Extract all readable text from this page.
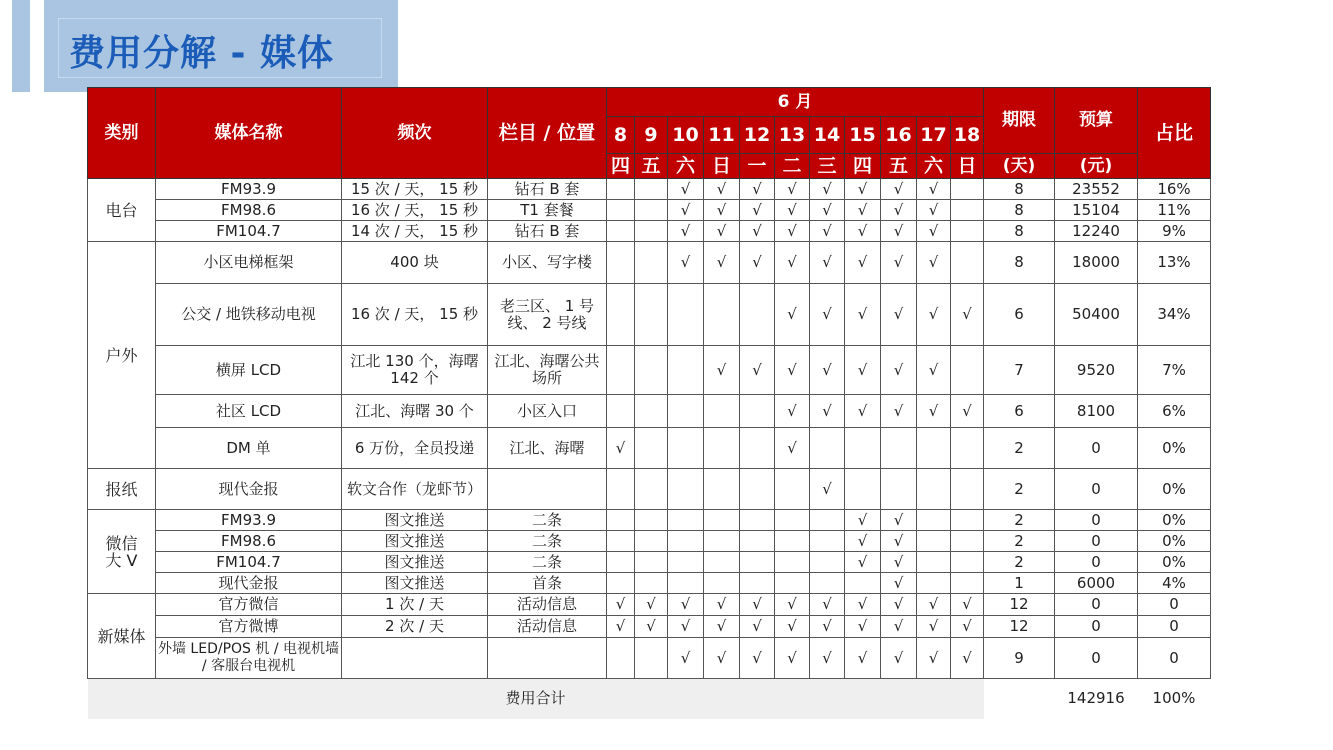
费用分解 - 媒体
类别	媒体名称	频次	栏目 / 位置	6 月											期限	预算	占比
				8	9	10	11	12	13	14	15	16	17	18			
				四	五	六	日	一	二	三	四	五	六	日	(天)	(元)	
电台	FM93.9	15 次 / 天， 15 秒	钻石 B 套			√	√	√	√	√	√	√	√		8	23552	16%
	FM98.6	16 次 / 天， 15 秒	T1 套餐			√	√	√	√	√	√	√	√		8	15104	11%
	FM104.7	14 次 / 天， 15 秒	钻石 B 套			√	√	√	√	√	√	√	√		8	12240	9%
户外	小区电梯框架	400 块	小区、写字楼			√	√	√	√	√	√	√	√		8	18000	13%
	公交 / 地铁移动电视	16 次 / 天， 15 秒	老三区、 1 号线、 2 号线						√	√	√	√	√	√	6	50400	34%
	横屏 LCD	江北 130 个，海曙 142 个	江北、海曙公共场所				√	√	√	√	√	√	√		7	9520	7%
	社区 LCD	江北、海曙 30 个	小区入口						√	√	√	√	√	√	6	8100	6%
	DM 单	6 万份，全员投递	江北、海曙	√					√						2	0	0%
报纸	现代金报	软文合作（龙虾节）								√					2	0	0%
微信
大 V	FM93.9	图文推送	二条								√	√			2	0	0%
	FM98.6	图文推送	二条								√	√			2	0	0%
	FM104.7	图文推送	二条								√	√			2	0	0%
	现代金报	图文推送	首条									√			1	6000	4%
新媒体	官方微信	1 次 / 天	活动信息	√	√	√	√	√	√	√	√	√	√	√	12	0	0
	官方微博	2 次 / 天	活动信息	√	√	√	√	√	√	√	√	√	√	√	12	0	0
	外墙 LED/POS 机 / 电视机墙 / 客服台电视机					√	√	√	√	√	√	√	√	√	9	0	0
费用合计																142916	100%
